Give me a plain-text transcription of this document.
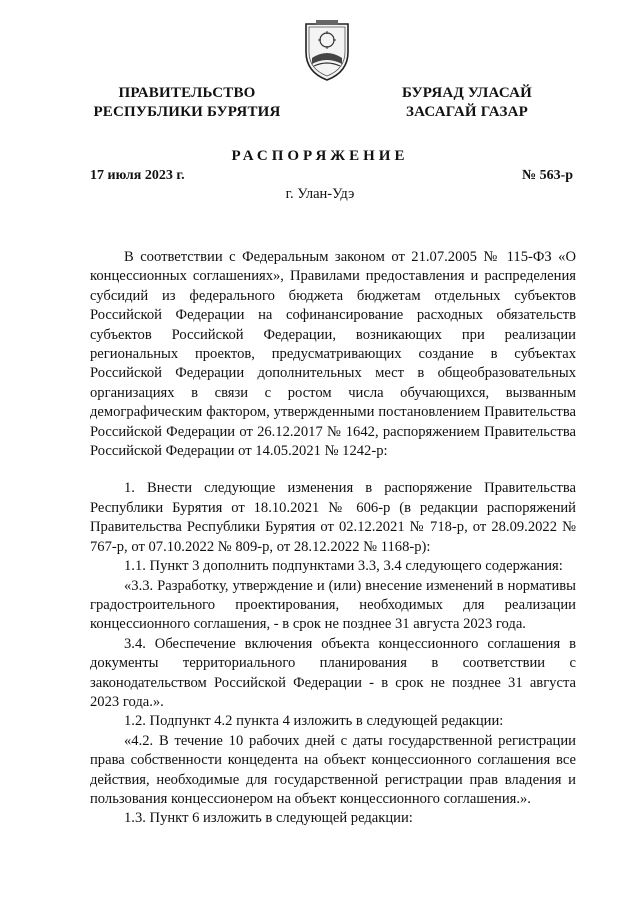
ПРАВИТЕЛЬСТВО
РЕСПУБЛИКИ БУРЯТИЯ
БУРЯАД УЛАСАЙ
ЗАСАГАЙ ГАЗАР
РАСПОРЯЖЕНИЕ
17 июля 2023 г.	№ 563-р
г. Улан-Удэ

В соответствии с Федеральным законом от 21.07.2005 № 115-ФЗ «О концессионных соглашениях», Правилами предоставления и распределения субсидий из федерального бюджета бюджетам отдельных субъектов Российской Федерации на софинансирование расходных обязательств субъектов Российской Федерации, возникающих при реализации региональных проектов, предусматривающих создание в субъектах Российской Федерации дополнительных мест в общеобразовательных организациях в связи с ростом числа обучающихся, вызванным демографическим фактором, утвержденными постановлением Правительства Российской Федерации от 26.12.2017 № 1642, распоряжением Правительства Российской Федерации от 14.05.2021 № 1242-р:

1. Внести следующие изменения в распоряжение Правительства Республики Бурятия от 18.10.2021 № 606-р (в редакции распоряжений Правительства Республики Бурятия от 02.12.2021 № 718-р, от 28.09.2022 № 767-р, от 07.10.2022 № 809-р, от 28.12.2022 № 1168-р):

1.1. Пункт 3 дополнить подпунктами 3.3, 3.4 следующего содержания:

«3.3. Разработку, утверждение и (или) внесение изменений в нормативы градостроительного проектирования, необходимых для реализации концессионного соглашения, - в срок не позднее 31 августа 2023 года.

3.4. Обеспечение включения объекта концессионного соглашения в документы территориального планирования в соответствии с законодательством Российской Федерации - в срок не позднее 31 августа 2023 года.».

1.2. Подпункт 4.2 пункта 4 изложить в следующей редакции:

«4.2. В течение 10 рабочих дней с даты государственной регистрации права собственности концедента на объект концессионного соглашения все действия, необходимые для государственной регистрации прав владения и пользования концессионером на объект концессионного соглашения.».

1.3. Пункт 6 изложить в следующей редакции:
